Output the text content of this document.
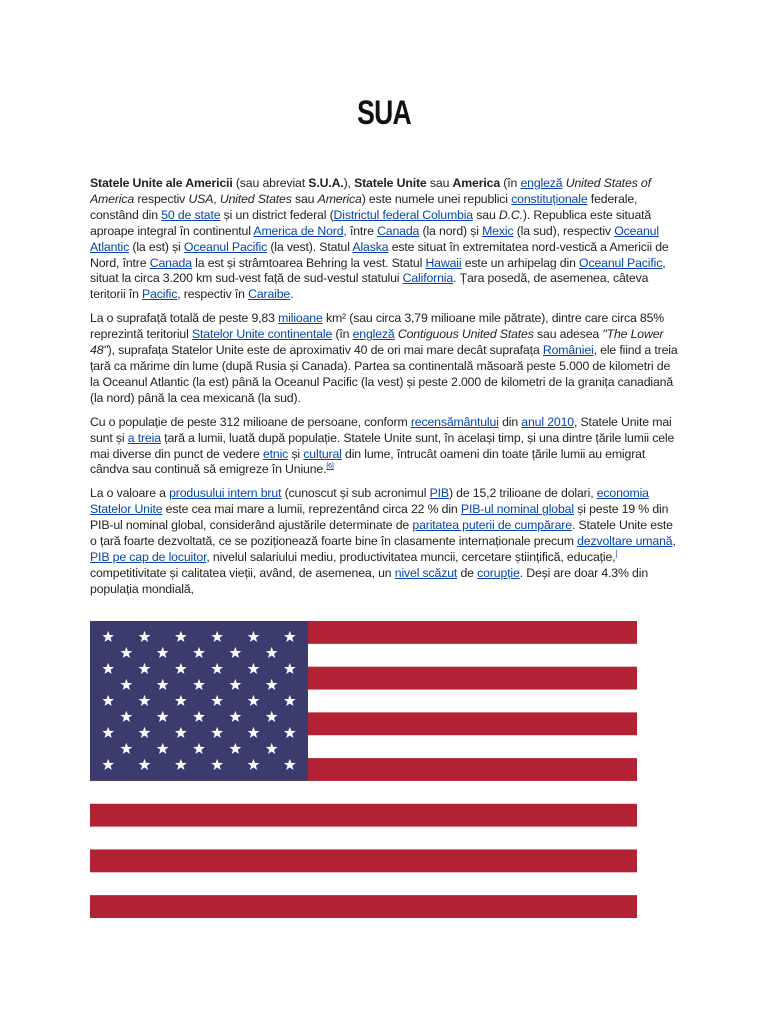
SUA

Statele Unite ale Americii (sau abreviat S.U.A.), Statele Unite sau America (în engleză United States of America respectiv USA, United States sau America) este numele unei republici constituționale federale, constând din 50 de state și un district federal (Districtul federal Columbia sau D.C.). Republica este situată aproape integral în continentul America de Nord, între Canada (la nord) și Mexic (la sud), respectiv Oceanul Atlantic (la est) și Oceanul Pacific (la vest). Statul Alaska este situat în extremitatea nord-vestică a Americii de Nord, între Canada la est și strâmtoarea Behring la vest. Statul Hawaii este un arhipelag din Oceanul Pacific, situat la circa 3.200 km sud-vest față de sud-vestul statului California. Țara posedă, de asemenea, câteva teritorii în Pacific, respectiv în Caraibe.

La o suprafață totală de peste 9,83 milioane km² (sau circa 3,79 milioane mile pătrate), dintre care circa 85% reprezintă teritoriul Statelor Unite continentale (în engleză Contiguous United States sau adesea "The Lower 48"), suprafața Statelor Unite este de aproximativ 40 de ori mai mare decât suprafața României, ele fiind a treia țară ca mărime din lume (după Rusia și Canada). Partea sa continentală măsoară peste 5.000 de kilometri de la Oceanul Atlantic (la est) până la Oceanul Pacific (la vest) și peste 2.000 de kilometri de la granița canadiană (la nord) până la cea mexicană (la sud).

Cu o populație de peste 312 milioane de persoane, conform recensământului din anul 2010, Statele Unite mai sunt și a treia țară a lumii, luată după populație. Statele Unite sunt, în același timp, și una dintre țările lumii cele mai diverse din punct de vedere etnic și cultural din lume, întrucât oameni din toate țările lumii au emigrat cândva sau continuă să emigreze în Uniune.[6]

La o valoare a produsului intern brut (cunoscut și sub acronimul PIB) de 15,2 trilioane de dolari, economia Statelor Unite este cea mai mare a lumii, reprezentând circa 22 % din PIB-ul nominal global și peste 19 % din PIB-ul nominal global, considerând ajustările determinate de paritatea puterii de cumpărare. Statele Unite este o țară foarte dezvoltată, ce se poziționează foarte bine în clasamente internaționale precum dezvoltare umană, PIB pe cap de locuitor, nivelul salariului mediu, productivitatea muncii, cercetare științifică, educație,[ competitivitate și calitatea vieții, având, de asemenea, un nivel scăzut de corupție. Deși are doar 4.3% din populația mondială,
